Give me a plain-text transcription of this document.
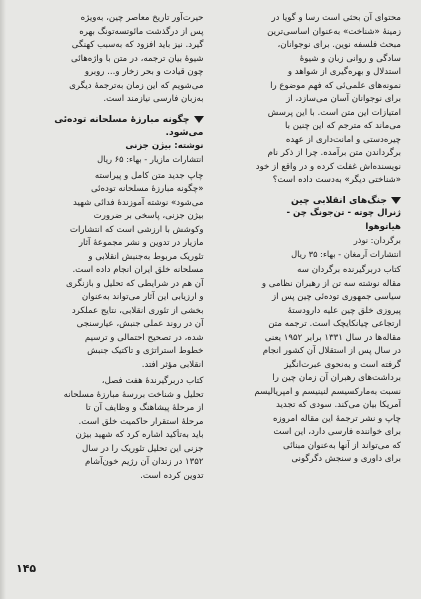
محتوای آن بحثی است رسا و گویا در
زمینهٔ «شناخت» به‌عنوان اساسی‌ترین
مبحث فلسفه نوین. برای نوجوانان،
سادگی و روانی زبان و شیوهٔ
استدلال و بهره‌گیری از شواهد و
نمونه‌های علمی‌ئی که فهم موضوع را
برای نوجوانان آسان می‌سازد، از
امتیازات این متن است. با این پرسش
می‌ماند که مترجم که این چنین با
چیره‌دستی و امانت‌داری از عهده
برگرداندن متن برآمده. چرا از ذکر نام
نویسنده‌اش غفلت کرده و در واقع از خود
«شناختی دیگر» به‌دست داده است؟

جنگ‌های انقلابی چین
ژنرال چوته - تن‌جونگ چن -
هیاتوهوا
برگردان: نوذر
انتشارات آرمغان - بهاء: ۳۵ ریال

کتاب دربرگیرنده برگردان سه
مقاله نوشته سه تن از رهبران نظامی و
سیاسی جمهوری توده‌ئی چین پس از
پیروزی خلق چین علیه دارودستهٔ
ارتجاعی چیانکایچک است. ترجمه متن
مقاله‌ها در سال ۱۳۳۱ برابر ۱۹۵۲ یعنی
در سال پس از استقلال آن کشور انجام
گرفته است و به‌نحوی عبرت‌انگیز
برداشت‌های رهبران آن زمان چین را
نسبت به‌مارکسیسم لنینیسم و امپریالیسم
آمریکا بیان می‌کند. سودی که تجدید
چاپ و نشر ترجمهٔ این مقاله امروزه
برای خواننده فارسی دارد، این است
که می‌تواند از آنها به‌عنوان مبنائی
برای داوری و سنجش دگرگونی

حیرت‌آور تاریخ معاصر چین، به‌ویژه
پس از درگذشت مائوتسه‌تونگ بهره
گیرد. نیز باید افزود که به‌سبب کهنگی
شیوهٔ بیان ترجمه، در متن با واژه‌هائی
چون قیادت و بحر زخار و... روبرو
می‌شویم که این زمان به‌ترجمهٔ دیگری
به‌زبان فارسی نیازمند است.

چگونه مبارزهٔ مسلحانه توده‌ئی
می‌شود.
نوشته: بیژن جزنی
انتشارات مازیار - بهاء: ۶۵ ریال

چاپ جدید متن کامل و پیراسته
«چگونه مبارزهٔ مسلحانه توده‌ئی
می‌شود» نوشته آموزندهٔ فدائی شهید
بیژن جزنی، پاسخی بر ضرورت
وکوشش با ارزشی است که انتشارات
مازیار در تدوین و نشر مجموعهٔ آثار
تئوریک مربوط به‌جنبش انقلابی و
مسلحانه خلق ایران انجام داده است.
آن هم در شرایطی که تحلیل و بازنگری
و ارزیابی این آثار می‌تواند به‌عنوان
بخشی از تئوری انقلابی، نتایج عملکرد
آن در روند عملی جنبش، عیارسنجی
شده، در تصحیح احتمالی و ترسیم
خطوط استراتژی و تاکتیک جنبش
انقلابی مؤثر افتد.

کتاب دربرگیرندهٔ هفت فصل،
تحلیل و شناخت بررسهٔ مبارزهٔ مسلحانه
از مرحلهٔ پیشاهنگ و وظایف آن تا
مرحلهٔ استقرار حاکمیت خلق است.
باید به‌تأکید اشاره کرد که شهید بیژن
جزنی این تحلیل تئوریک را در سال
۱۳۵۲ در زندان آن رژیم خون‌آشام
تدوین کرده است.

۱۴۵
